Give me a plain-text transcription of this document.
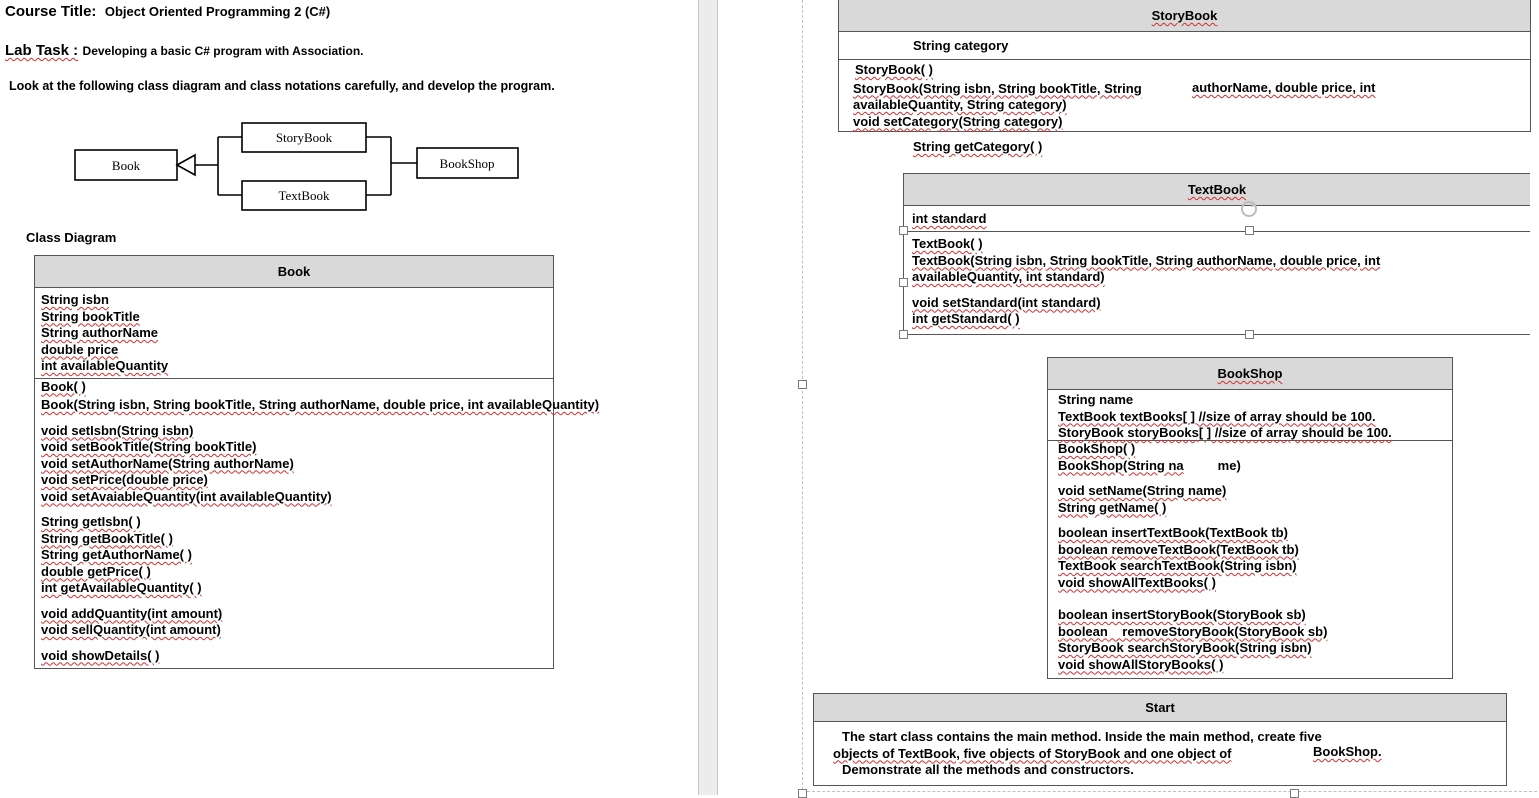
Course Title: Object Oriented Programming 2 (C#)
Lab Task : Developing a basic C# program with Association.
Look at the following class diagram and class notations carefully, and develop the program.
Book
StoryBook
TextBook
BookShop
Class Diagram
Book
String isbn
String bookTitle
String authorName
double price
int availableQuantity
Book( )
Book(String isbn, String bookTitle, String authorName, double price, int availableQuantity)
void setIsbn(String isbn)
void setBookTitle(String bookTitle)
void setAuthorName(String authorName)
void setPrice(double price)
void setAvaiableQuantity(int availableQuantity)
String getIsbn( )
String getBookTitle( )
String getAuthorName( )
double getPrice( )
int getAvailableQuantity( )
void addQuantity(int amount)
void sellQuantity(int amount)
void showDetails( )
StoryBook
String category
StoryBook( )
StoryBook(String isbn, String bookTitle, String
availableQuantity, String category)
void setCategory(String category)
authorName, double price, int
String getCategory( )
TextBook
int standard
TextBook( )
TextBook(String isbn, String bookTitle, String authorName, double price, int
availableQuantity, int standard)
void setStandard(int standard)
int getStandard( )
BookShop
String name
TextBook textBooks[ ] //size of array should be 100.
StoryBook storyBooks[ ] //size of array should be 100.
BookShop( )
BookShop(String na	me)
void setName(String name)
String getName( )
boolean insertTextBook(TextBook tb)
boolean removeTextBook(TextBook tb)
TextBook searchTextBook(String isbn)
void showAllTextBooks( )
boolean insertStoryBook(StoryBook sb)
boolean    removeStoryBook(StoryBook sb)
StoryBook searchStoryBook(String isbn)
void showAllStoryBooks( )
Start
The start class contains the main method. Inside the main method, create five
objects of TextBook, five objects of StoryBook and one object of
Demonstrate all the methods and constructors.
BookShop.
